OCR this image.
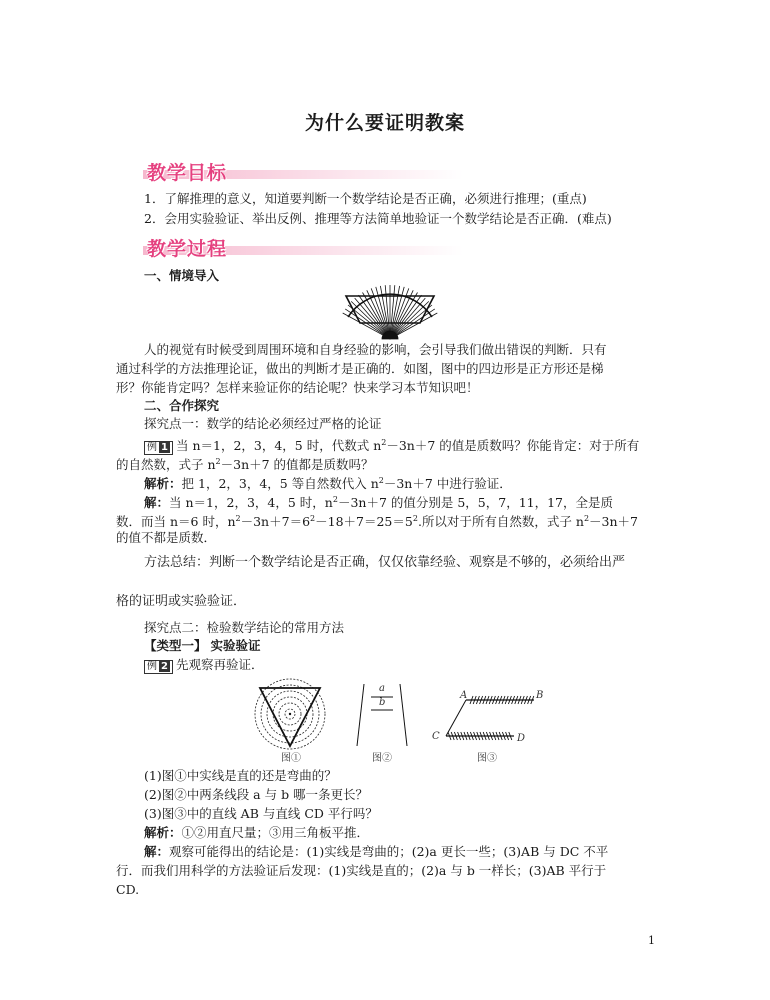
为什么要证明教案
教学目标
1．了解推理的意义，知道要判断一个数学结论是否正确，必须进行推理；(重点)
2．会用实验验证、举出反例、推理等方法简单地验证一个数学结论是否正确．(难点)
教学过程
一、情境导入
人的视觉有时候受到周围环境和自身经验的影响，会引导我们做出错误的判断．只有
通过科学的方法推理论证，做出的判断才是正确的．如图，图中的四边形是正方形还是梯
形？你能肯定吗？怎样来验证你的结论呢？快来学习本节知识吧！
二、合作探究
探究点一：数学的结论必须经过严格的论证
例 1 当 n＝1，2，3，4，5 时，代数式 $n^2-3n+7$ 的值是质数吗？你能肯定：对于所有
的自然数，式子 $n^2-3n+7$ 的值都是质数吗？
解析：把 1，2，3，4，5 等自然数代入 $n^2-3n+7$ 中进行验证．
解：当 n＝1，2，3，4，5 时，$n^2-3n+7$ 的值分别是 5，5，7，11，17，全是质
数．而当 n＝6 时，$n^2-3n+7=6^2-18+7=25=5^2$.所以对于所有自然数，式子 $n^2-3n+7$
的值不都是质数．
方法总结：判断一个数学结论是否正确，仅仅依靠经验、观察是不够的，必须给出严
格的证明或实验验证．
探究点二：检验数学结论的常用方法
【类型一】 实验验证
例 2 先观察再验证．
图①
a
b
图②
A	B
C	D
图③
(1)图①中实线是直的还是弯曲的？
(2)图②中两条线段 a 与 b 哪一条更长？
(3)图③中的直线 AB 与直线 CD 平行吗？
解析：①②用直尺量；③用三角板平推．
解：观察可能得出的结论是：(1)实线是弯曲的；(2)a 更长一些；(3)AB 与 DC 不平
行．而我们用科学的方法验证后发现：(1)实线是直的；(2)a 与 b 一样长；(3)AB 平行于
CD.
1
